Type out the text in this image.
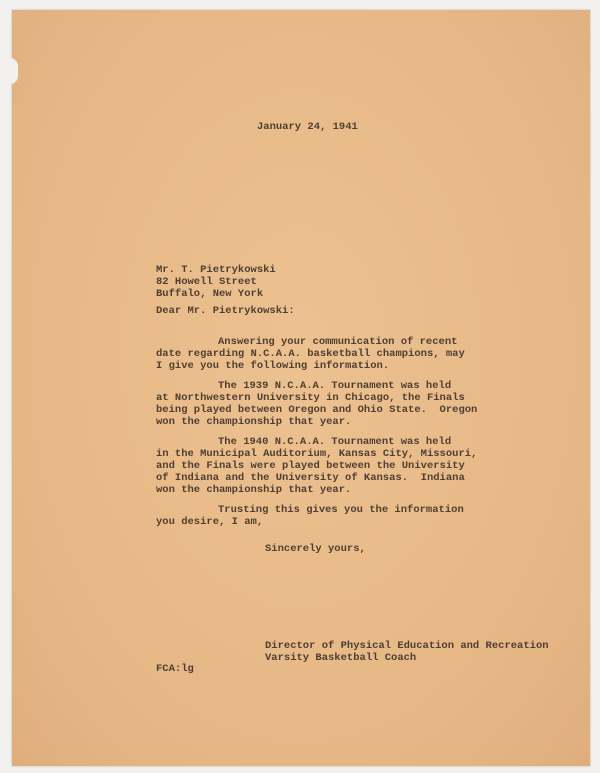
January 24, 1941
Mr. T. Pietrykowski
82 Howell Street
Buffalo, New York
Dear Mr. Pietrykowski:
Answering your communication of recent
date regarding N.C.A.A. basketball champions, may
I give you the following information.
The 1939 N.C.A.A. Tournament was held
at Northwestern University in Chicago, the Finals
being played between Oregon and Ohio State.  Oregon
won the championship that year.
The 1940 N.C.A.A. Tournament was held
in the Municipal Auditorium, Kansas City, Missouri,
and the Finals were played between the University
of Indiana and the University of Kansas.  Indiana
won the championship that year.
Trusting this gives you the information
you desire, I am,
Sincerely yours,
Director of Physical Education and Recreation
Varsity Basketball Coach
FCA:lg
